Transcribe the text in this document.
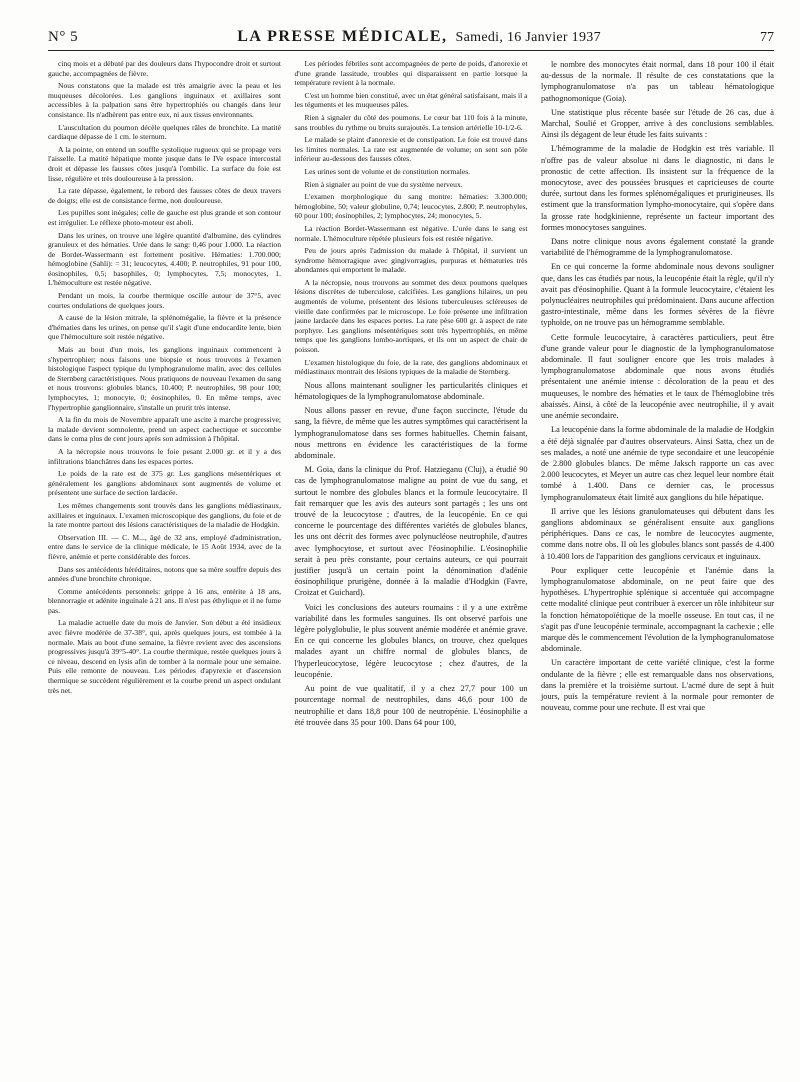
N° 5	LA PRESSE MÉDICALE, Samedi, 16 Janvier 1937	77

cinq mois et a débuté par des douleurs dans l'hypocondre droit et surtout gauche, accompagnées de fièvre.

Nous constatons que la malade est très amaigrie avec la peau et les muqueuses décolorées. Les ganglions inguinaux et axillaires sont accessibles à la palpation sans être hypertrophiés ou changés dans leur consistance. Ils n'adhèrent pas entre eux, ni aux tissus environnants.

L'auscultation du poumon décèle quelques râles de bronchite. La matité cardiaque dépasse de 1 cm. le sternum.

A la pointe, on entend un souffle systolique rugueux qui se propage vers l'aisselle. La matité hépatique monte jusque dans le IVe espace intercostal droit et dépasse les fausses côtes jusqu'à l'ombilic. La surface du foie est lisse, régulière et très douloureuse à la pression.

La rate dépasse, également, le rebord des fausses côtes de deux travers de doigts; elle est de consistance ferme, non douloureuse.

Les pupilles sont inégales; celle de gauche est plus grande et son contour est irrégulier. Le réflexe photo-moteur est aboli.

Dans les urines, on trouve une légère quantité d'albumine, des cylindres granuleux et des hématies. Urée dans le sang: 0,46 pour 1.000. La réaction de Bordet-Wassermann est fortement positive. Hématies: 1.700.000; hémoglobine (Sahli): = 31; leucocytes, 4.400; P. neutrophiles, 91 pour 100, éosinophiles, 0,5; basophiles, 0; lymphocytes, 7,5; monocytes, 1. L'hémoculture est restée négative.

Pendant un mois, la courbe thermique oscille autour de 37°5, avec courtes ondulations de quelques jours.

A cause de la lésion mitrale, la splénomégalie, la fièvre et la présence d'hématies dans les urines, on pense qu'il s'agit d'une endocardite lente, bien que l'hémoculture soit restée négative.

Mais au bout d'un mois, les ganglions inguinaux commencent à s'hypertrophier; nous faisons une biopsie et nous trouvons à l'examen histologique l'aspect typique du lymphogranulome malin, avec des cellules de Sternberg caractéristiques. Nous pratiquons de nouveau l'examen du sang et nous trouvons: globules blancs, 10.400; P. neutrophiles, 98 pour 100; lymphocytes, 1; monocyte, 0; éosinophiles, 0. En même temps, avec l'hypertrophie ganglionnaire, s'installe un prurit très intense.

A la fin du mois de Novembre apparaît une ascite à marche progressive; la malade devient somnolente, prend un aspect cachectique et succombe dans le coma plus de cent jours après son admission à l'hôpital.

A la nécropsie nous trouvons le foie pesant 2.000 gr. et il y a des infiltrations blanchâtres dans les espaces portes.

Le poids de la rate est de 375 gr. Les ganglions mésentériques et généralement les ganglions abdominaux sont augmentés de volume et présentent une surface de section lardacée.

Les mêmes changements sont trouvés dans les ganglions médiastinaux, axillaires et inguinaux. L'examen microscopique des ganglions, du foie et de la rate montre partout des lésions caractéristiques de la maladie de Hodgkin.

Observation III. — C. M..., âgé de 32 ans, employé d'administration, entre dans le service de la clinique médicale, le 15 Août 1934, avec de la fièvre, anémie et perte considérable des forces.

Dans ses antécédents héréditaires, notons que sa mère souffre depuis des années d'une bronchite chronique.

Comme antécédents personnels: grippe à 16 ans, entérite à 18 ans, blennorragie et adénite inguinale à 21 ans. Il n'est pas éthylique et il ne fume pas.

La maladie actuelle date du mois de Janvier. Son début a été insidieux avec fièvre modérée de 37-38°, qui, après quelques jours, est tombée à la normale. Mais au bout d'une semaine, la fièvre revient avec des ascensions progressives jusqu'à 39°5-40°. La courbe thermique, restée quelques jours à ce niveau, descend en lysis afin de tomber à la normale pour une semaine. Puis elle remonte de nouveau. Les périodes d'apyrexie et d'ascension thermique se succèdent régulièrement et la courbe prend un aspect ondulant très net.

Les périodes fébriles sont accompagnées de perte de poids, d'anorexie et d'une grande lassitude, troubles qui disparaissent en partie lorsque la température revient à la normale.

C'est un homme bien constitué, avec un état général satisfaisant, mais il a les téguments et les muqueuses pâles.

Rien à signaler du côté des poumons. Le cœur bat 110 fois à la minute, sans troubles du rythme ou bruits surajoutés. La tension artérielle 10-1/2-6.

Le malade se plaint d'anorexie et de constipation. Le foie est trouvé dans les limites normales. La rate est augmentée de volume; on sent son pôle inférieur au-dessous des fausses côtes.

Les urines sont de volume et de constitution normales.

Rien à signaler au point de vue du système nerveux.

L'examen morphologique du sang montre: hématies: 3.300.000; hémoglobine, 50; valeur globuline, 0,74; leucocytes, 2.800; P. neutrophyles, 60 pour 100; éosinophiles, 2; lymphocytes, 24; monocytes, 5.

La réaction Bordet-Wassermann est négative. L'urée dans le sang est normale. L'hémoculture répétée plusieurs fois est restée négative.

Peu de jours après l'admission du malade à l'hôpital, il survient un syndrome hémorragique avec gingivorragies, purpuras et hématuries très abondantes qui emportent le malade.

A la nécropsie, nous trouvons au sommet des deux poumons quelques lésions discrètes de tuberculose, calcifiées. Les ganglions hilaires, un peu augmentés de volume, présentent des lésions tuberculeuses scléreuses de vieille date confirmées par le microscope. Le foie présente une infiltration jaune lardacée dans les espaces portes. La rate pèse 600 gr. à aspect de rate porphyre. Les ganglions mésentériques sont très hypertrophiés, en même temps que les ganglions lombo-aortiques, et ils ont un aspect de chair de poisson.

L'examen histologique du foie, de la rate, des ganglions abdominaux et médiastinaux montrait des lésions typiques de la maladie de Sternberg.

Nous allons maintenant souligner les particularités cliniques et hématologiques de la lymphogranulomatose abdominale.

Nous allons passer en revue, d'une façon succincte, l'étude du sang, la fièvre, de même que les autres symptômes qui caractérisent la lymphogranulomatose dans ses formes habituelles. Chemin faisant, nous mettrons en évidence les caractéristiques de la forme abdominale.

M. Goia, dans la clinique du Prof. Hatzieganu (Cluj), a étudié 90 cas de lymphogranulomatose maligne au point de vue du sang, et surtout le nombre des globules blancs et la formule leucocytaire. Il fait remarquer que les avis des auteurs sont partagés ; les uns ont trouvé de la leucocytose ; d'autres, de la leucopénie. En ce qui concerne le pourcentage des différentes variétés de globules blancs, les uns ont décrit des formes avec polynucléose neutrophile, d'autres avec lymphocytose, et surtout avec l'éosinophilie. L'éosinophilie serait à peu près constante, pour certains auteurs, ce qui pourrait justifier jusqu'à un certain point la dénomination d'adénie éosinophilique prurigène, donnée à la maladie d'Hodgkin (Favre, Croizat et Guichard).

Voici les conclusions des auteurs roumains : il y a une extrême variabilité dans les formules sanguines. Ils ont observé parfois une légère polyglobulie, le plus souvent anémie modérée et anémie grave. En ce qui concerne les globules blancs, on trouve, chez quelques malades ayant un chiffre normal de globules blancs, de l'hyperleucocytose, légère leucocytose ; chez d'autres, de la leucopénie.

Au point de vue qualitatif, il y a chez 27,7 pour 100 un pourcentage normal de neutrophiles, dans 46,6 pour 100 de neutrophilie et dans 18,8 pour 100 de neutropénie. L'éosinophilie a été trouvée dans 35 pour 100. Dans 64 pour 100,

le nombre des monocytes était normal, dans 18 pour 100 il était au-dessus de la normale. Il résulte de ces constatations que la lymphogranulomatose n'a pas un tableau hématologique pathognomonique (Goia).

Une statistique plus récente basée sur l'étude de 26 cas, due à Marchal, Soulié et Gropper, arrive à des conclusions semblables. Ainsi ils dégagent de leur étude les faits suivants :

L'hémogramme de la maladie de Hodgkin est très variable. Il n'offre pas de valeur absolue ni dans le diagnostic, ni dans le pronostic de cette affection. Ils insistent sur la fréquence de la monocytose, avec des poussées brusques et capricieuses de courte durée, surtout dans les formes splénomégaliques et prurigineuses. Ils estiment que la transformation lympho-monocytaire, qui s'opère dans la grosse rate hodgkinienne, représente un facteur important des formes monocytoses sanguines.

Dans notre clinique nous avons également constaté la grande variabilité de l'hémogramme de la lymphogranulomatose.

En ce qui concerne la forme abdominale nous devons souligner que, dans les cas étudiés par nous, la leucopénie était la règle, qu'il n'y avait pas d'éosinophilie. Quant à la formule leucocytaire, c'étaient les polynucléaires neutrophiles qui prédominaient. Dans aucune affection gastro-intestinale, même dans les formes sévères de la fièvre typhoïde, on ne trouve pas un hémogramme semblable.

Cette formule leucocytaire, à caractères particuliers, peut être d'une grande valeur pour le diagnostic de la lymphogranulomatose abdominale. Il faut souligner encore que les trois malades à lymphogranulomatose abdominale que nous avons étudiés présentaient une anémie intense : décoloration de la peau et des muqueuses, le nombre des hématies et le taux de l'hémoglobine très abaissés. Ainsi, à côté de la leucopénie avec neutrophilie, il y avait une anémie secondaire.

La leucopénie dans la forme abdominale de la maladie de Hodgkin a été déjà signalée par d'autres observateurs. Ainsi Satta, chez un de ses malades, a noté une anémie de type secondaire et une leucopénie de 2.800 globules blancs. De même Jaksch rapporte un cas avec 2.000 leucocytes, et Meyer un autre cas chez lequel leur nombre était tombé à 1.400. Dans ce dernier cas, le processus lymphogranulomateux était limité aux ganglions du hile hépatique.

Il arrive que les lésions granulomateuses qui débutent dans les ganglions abdominaux se généralisent ensuite aux ganglions périphériques. Dans ce cas, le nombre de leucocytes augmente, comme dans notre obs. II où les globules blancs sont passés de 4.400 à 10.400 lors de l'apparition des ganglions cervicaux et inguinaux.

Pour expliquer cette leucopénie et l'anémie dans la lymphogranulomatose abdominale, on ne peut faire que des hypothèses. L'hypertrophie splénique si accentuée qui accompagne cette modalité clinique peut contribuer à exercer un rôle inhibiteur sur la fonction hématopoïétique de la moelle osseuse. En tout cas, il ne s'agit pas d'une leucopénie terminale, accompagnant la cachexie ; elle marque dès le commencement l'évolution de la lymphogranulomatose abdominale.

Un caractère important de cette variété clinique, c'est la forme ondulante de la fièvre ; elle est remarquable dans nos observations, dans la première et la troisième surtout. L'acmé dure de sept à huit jours, puis la température revient à la normale pour remonter de nouveau, comme pour une rechute. Il est vrai que
